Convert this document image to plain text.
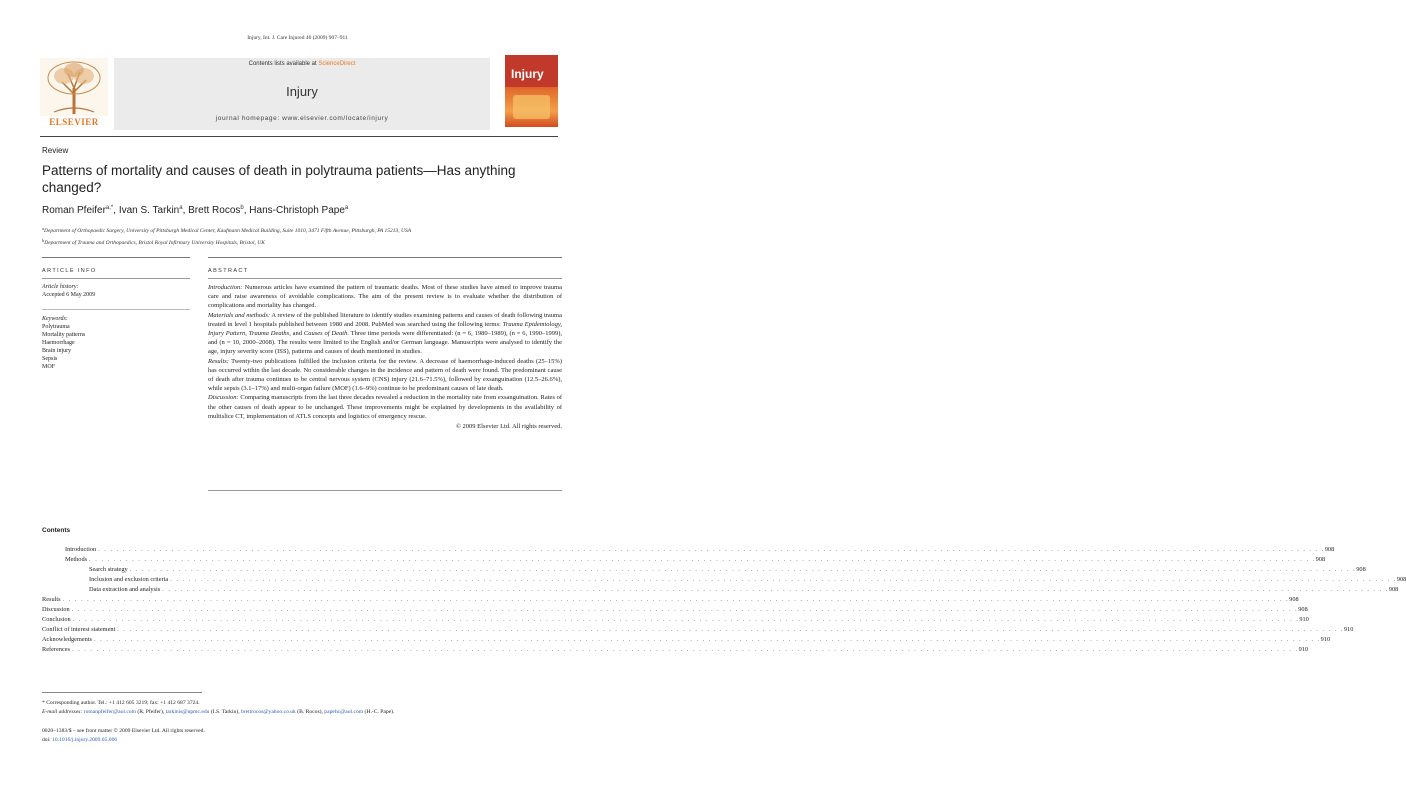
Injury, Int. J. Care Injured 40 (2009) 907–911
ELSEVIER
Contents lists available at ScienceDirect
Injury
journal homepage: www.elsevier.com/locate/injury
Injury
Review
Patterns of mortality and causes of death in polytrauma patients—Has anything changed?
Roman Pfeifer$^{a,*}$, Ivan S. Tarkin$^a$, Brett Rocos$^b$, Hans-Christoph Pape$^a$
$^a$Department of Orthopaedic Surgery, University of Pittsburgh Medical Center, Kaufmann Medical Building, Suite 1010, 3471 Fifth Avenue, Pittsburgh, PA 15213, USA
$^b$Department of Trauma and Orthopaedics, Bristol Royal Infirmary University Hospitals, Bristol, UK
ARTICLE INFO	ABSTRACT
Article history:
Accepted 6 May 2009
Keywords:
Polytrauma
Mortality patterns
Haemorrhage
Brain injury
Sepsis
MOF

Introduction: Numerous articles have examined the pattern of traumatic deaths. Most of these studies have aimed to improve trauma care and raise awareness of avoidable complications. The aim of the present review is to evaluate whether the distribution of complications and mortality has changed.

Materials and methods: A review of the published literature to identify studies examining patterns and causes of death following trauma treated in level 1 hospitals published between 1980 and 2008. PubMed was searched using the following terms: Trauma Epidemiology, Injury Pattern, Trauma Deaths, and Causes of Death. Three time periods were differentiated: (n = 6, 1980–1989), (n = 6, 1990–1999), and (n = 10, 2000–2008). The results were limited to the English and/or German language. Manuscripts were analysed to identify the age, injury severity score (ISS), patterns and causes of death mentioned in studies.

Results: Twenty-two publications fulfilled the inclusion criteria for the review. A decrease of haemorrhage-induced deaths (25–15%) has occurred within the last decade. No considerable changes in the incidence and pattern of death were found. The predominant cause of death after trauma continues to be central nervous system (CNS) injury (21.6–71.5%), followed by exsanguination (12.5–26.6%), while sepsis (3.1–17%) and multi-organ failure (MOF) (1.6–9%) continue to be predominant causes of late death.

Discussion: Comparing manuscripts from the last three decades revealed a reduction in the mortality rate from exsanguination. Rates of the other causes of death appear to be unchanged. These improvements might be explained by developments in the availability of multislice CT, implementation of ATLS concepts and logistics of emergency rescue.

© 2009 Elsevier Ltd. All rights reserved.

Contents
Introduction . . . . . . . . . . . . . . . . . . . . . . . . . . . . . . . . . . . . . . . . . . . . . . . . . . . . . . . . . . . . . . . . . . . . . . . . . . . . . . . . . . . . . . . . . . . . . . . . . . . . . . . . . . . . . . . . . . . . . . . . . . . . . . . . . . . . . . . . . . . . . . . . . . . . . . . . . . . . . . . . . . . . . . . . . . . . . . . . . . . . . . . . . . . . . . . . . . . . . . . . 908
Methods . . . . . . . . . . . . . . . . . . . . . . . . . . . . . . . . . . . . . . . . . . . . . . . . . . . . . . . . . . . . . . . . . . . . . . . . . . . . . . . . . . . . . . . . . . . . . . . . . . . . . . . . . . . . . . . . . . . . . . . . . . . . . . . . . . . . . . . . . . . . . . . . . . . . . . . . . . . . . . . . . . . . . . . . . . . . . . . . . . . . . . . . . . . . . . . . . . . . . . . . 908
Search strategy . . . . . . . . . . . . . . . . . . . . . . . . . . . . . . . . . . . . . . . . . . . . . . . . . . . . . . . . . . . . . . . . . . . . . . . . . . . . . . . . . . . . . . . . . . . . . . . . . . . . . . . . . . . . . . . . . . . . . . . . . . . . . . . . . . . . . . . . . . . . . . . . . . . . . . . . . . . . . . . . . . . . . . . . . . . . . . . . . . . . . . . . . . . . . . . . . . . . . . . . 908
Inclusion and exclusion criteria . . . . . . . . . . . . . . . . . . . . . . . . . . . . . . . . . . . . . . . . . . . . . . . . . . . . . . . . . . . . . . . . . . . . . . . . . . . . . . . . . . . . . . . . . . . . . . . . . . . . . . . . . . . . . . . . . . . . . . . . . . . . . . . . . . . . . . . . . . . . . . . . . . . . . . . . . . . . . . . . . . . . . . . . . . . . . . . . . . . . . . . . . . . . . . . . . . . . . . . . 908
Data extraction and analysis . . . . . . . . . . . . . . . . . . . . . . . . . . . . . . . . . . . . . . . . . . . . . . . . . . . . . . . . . . . . . . . . . . . . . . . . . . . . . . . . . . . . . . . . . . . . . . . . . . . . . . . . . . . . . . . . . . . . . . . . . . . . . . . . . . . . . . . . . . . . . . . . . . . . . . . . . . . . . . . . . . . . . . . . . . . . . . . . . . . . . . . . . . . . . . . . . . . . . . . . 908
Results . . . . . . . . . . . . . . . . . . . . . . . . . . . . . . . . . . . . . . . . . . . . . . . . . . . . . . . . . . . . . . . . . . . . . . . . . . . . . . . . . . . . . . . . . . . . . . . . . . . . . . . . . . . . . . . . . . . . . . . . . . . . . . . . . . . . . . . . . . . . . . . . . . . . . . . . . . . . . . . . . . . . . . . . . . . . . . . . . . . . . . . . . . . . . . . . . . . . . . . . 908
Discussion . . . . . . . . . . . . . . . . . . . . . . . . . . . . . . . . . . . . . . . . . . . . . . . . . . . . . . . . . . . . . . . . . . . . . . . . . . . . . . . . . . . . . . . . . . . . . . . . . . . . . . . . . . . . . . . . . . . . . . . . . . . . . . . . . . . . . . . . . . . . . . . . . . . . . . . . . . . . . . . . . . . . . . . . . . . . . . . . . . . . . . . . . . . . . . . . . . . . . . . . 908
Conclusion . . . . . . . . . . . . . . . . . . . . . . . . . . . . . . . . . . . . . . . . . . . . . . . . . . . . . . . . . . . . . . . . . . . . . . . . . . . . . . . . . . . . . . . . . . . . . . . . . . . . . . . . . . . . . . . . . . . . . . . . . . . . . . . . . . . . . . . . . . . . . . . . . . . . . . . . . . . . . . . . . . . . . . . . . . . . . . . . . . . . . . . . . . . . . . . . . . . . . . . . 910
Conflict of interest statement . . . . . . . . . . . . . . . . . . . . . . . . . . . . . . . . . . . . . . . . . . . . . . . . . . . . . . . . . . . . . . . . . . . . . . . . . . . . . . . . . . . . . . . . . . . . . . . . . . . . . . . . . . . . . . . . . . . . . . . . . . . . . . . . . . . . . . . . . . . . . . . . . . . . . . . . . . . . . . . . . . . . . . . . . . . . . . . . . . . . . . . . . . . . . . . . . . . . . . . . 910
Acknowledgements . . . . . . . . . . . . . . . . . . . . . . . . . . . . . . . . . . . . . . . . . . . . . . . . . . . . . . . . . . . . . . . . . . . . . . . . . . . . . . . . . . . . . . . . . . . . . . . . . . . . . . . . . . . . . . . . . . . . . . . . . . . . . . . . . . . . . . . . . . . . . . . . . . . . . . . . . . . . . . . . . . . . . . . . . . . . . . . . . . . . . . . . . . . . . . . . . . . . . . . . 910
References . . . . . . . . . . . . . . . . . . . . . . . . . . . . . . . . . . . . . . . . . . . . . . . . . . . . . . . . . . . . . . . . . . . . . . . . . . . . . . . . . . . . . . . . . . . . . . . . . . . . . . . . . . . . . . . . . . . . . . . . . . . . . . . . . . . . . . . . . . . . . . . . . . . . . . . . . . . . . . . . . . . . . . . . . . . . . . . . . . . . . . . . . . . . . . . . . . . . . . . . 910
* Corresponding author. Tel.: +1 412 605 3219; fax: +1 412 687 3724.
E-mail addresses: romanpfeifer@aol.com (R. Pfeifer), tarkinis@upmc.edu (I.S. Tarkin), brettrocos@yahoo.co.uk (B. Rocos), papehc@aol.com (H.-C. Pape).
0020–1383/$ – see front matter © 2009 Elsevier Ltd. All rights reserved.
doi: 10.1016/j.injury.2009.05.006
